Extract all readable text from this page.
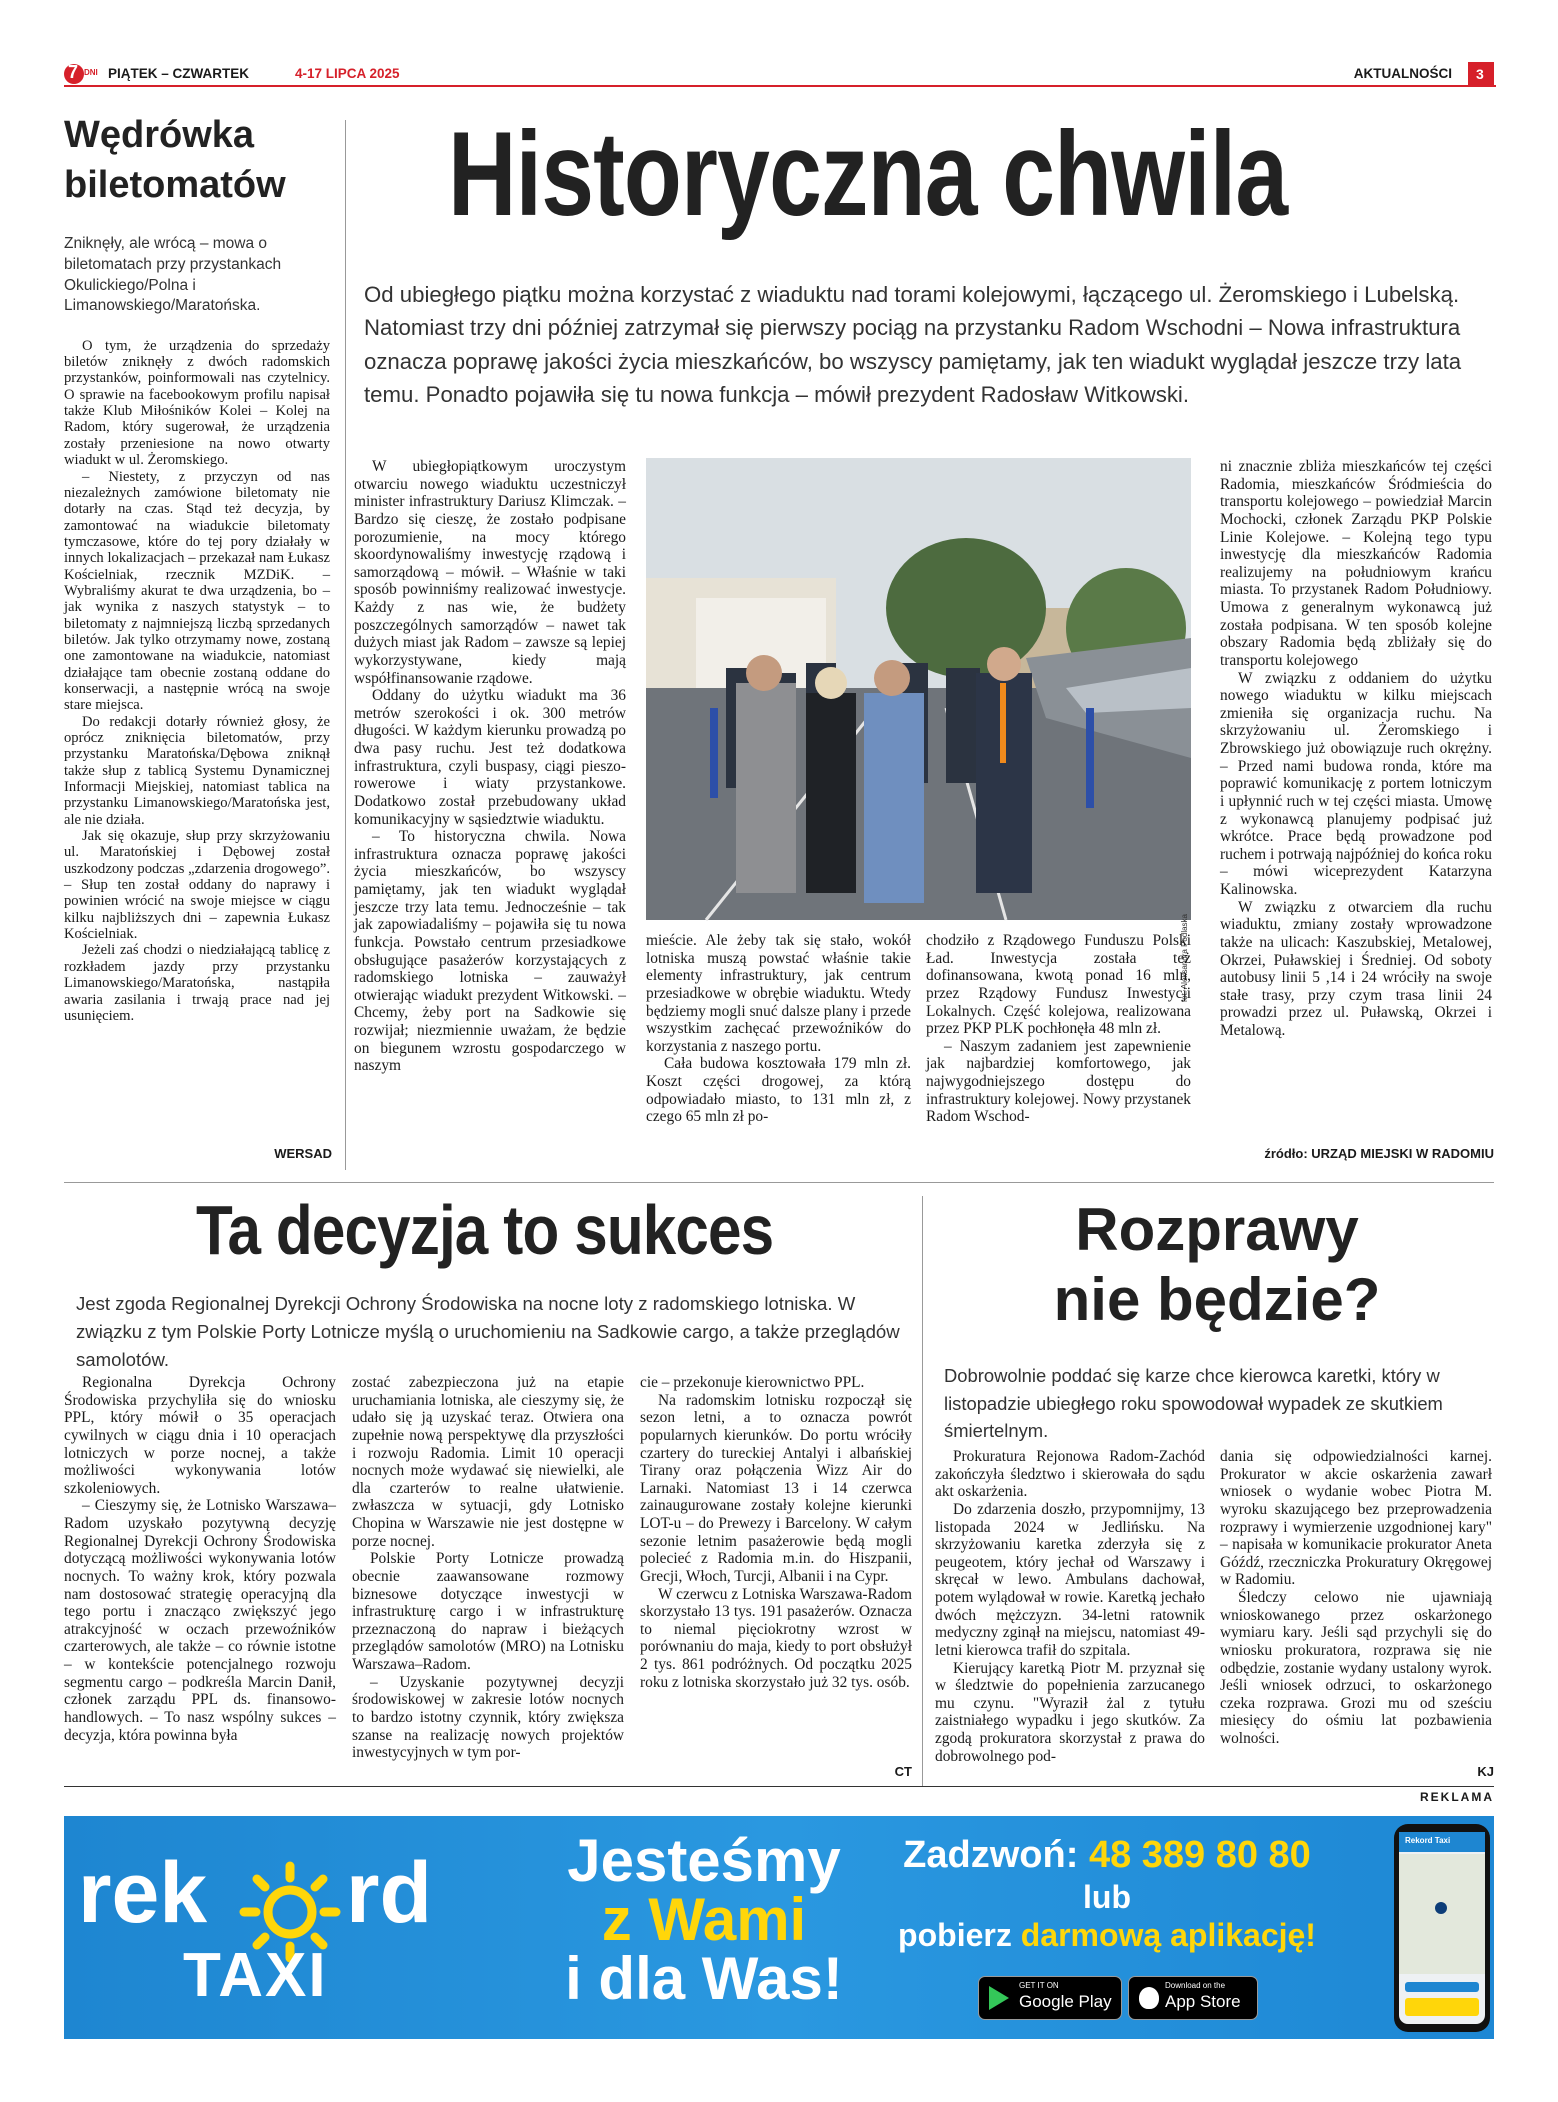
7 DNI PIĄTEK – CZWARTEK	4-17 LIPCA 2025	AKTUALNOŚCI 3
Wędrówka biletomatów
Zniknęły, ale wrócą – mowa o biletomatach przy przystankach Okulickiego/Polna i Limanowskiego/Maratońska.

O tym, że urządzenia do sprzedaży biletów zniknęły z dwóch radomskich przystanków, poinformowali nas czytelnicy. O sprawie na facebookowym profilu napisał także Klub Miłośników Kolei – Kolej na Radom, który sugerował, że urządzenia zostały przeniesione na nowo otwarty wiadukt w ul. Żeromskiego.

– Niestety, z przyczyn od nas niezależnych zamówione biletomaty nie dotarły na czas. Stąd też decyzja, by zamontować na wiadukcie biletomaty tymczasowe, które do tej pory działały w innych lokalizacjach – przekazał nam Łukasz Kościelniak, rzecznik MZDiK. – Wybraliśmy akurat te dwa urządzenia, bo – jak wynika z naszych statystyk – to biletomaty z najmniejszą liczbą sprzedanych biletów. Jak tylko otrzymamy nowe, zostaną one zamontowane na wiadukcie, natomiast działające tam obecnie zostaną oddane do konserwacji, a następnie wrócą na swoje stare miejsca.

Do redakcji dotarły również głosy, że oprócz zniknięcia biletomatów, przy przystanku Maratońska/Dębowa zniknął także słup z tablicą Systemu Dynamicznej Informacji Miejskiej, natomiast tablica na przystanku Limanowskiego/Maratońska jest, ale nie działa.

Jak się okazuje, słup przy skrzyżowaniu ul. Maratońskiej i Dębowej został uszkodzony podczas „zdarzenia drogowego”. – Słup ten został oddany do naprawy i powinien wrócić na swoje miejsce w ciągu kilku najbliższych dni – zapewnia Łukasz Kościelniak.

Jeżeli zaś chodzi o niedziałającą tablicę z rozkładem jazdy przy przystanku Limanowskiego/Maratońska, nastąpiła awaria zasilania i trwają prace nad jej usunięciem.

WERSAD
Historyczna chwila
Od ubiegłego piątku można korzystać z wiaduktu nad torami kolejowymi, łączącego ul. Żeromskiego i Lubelską. Natomiast trzy dni później zatrzymał się pierwszy pociąg na przystanku Radom Wschodni – Nowa infrastruktura oznacza poprawę jakości życia mieszkańców, bo wszyscy pamiętamy, jak ten wiadukt wyglądał jeszcze trzy lata temu. Ponadto pojawiła się tu nowa funkcja – mówił prezydent Radosław Witkowski.

W ubiegłopiątkowym uroczystym otwarciu nowego wiaduktu uczestniczył minister infrastruktury Dariusz Klimczak. – Bardzo się cieszę, że zostało podpisane porozumienie, na mocy którego skoordynowaliśmy inwestycję rządową i samorządową – mówił. – Właśnie w taki sposób powinniśmy realizować inwestycje. Każdy z nas wie, że budżety poszczególnych samorządów – nawet tak dużych miast jak Radom – zawsze są lepiej wykorzystywane, kiedy mają współfinansowanie rządowe.

Oddany do użytku wiadukt ma 36 metrów szerokości i ok. 300 metrów długości. W każdym kierunku prowadzą po dwa pasy ruchu. Jest też dodatkowa infrastruktura, czyli buspasy, ciągi pieszo-rowerowe i wiaty przystankowe. Dodatkowo został przebudowany układ komunikacyjny w sąsiedztwie wiaduktu.

– To historyczna chwila. Nowa infrastruktura oznacza poprawę jakości życia mieszkańców, bo wszyscy pamiętamy, jak ten wiadukt wyglądał jeszcze trzy lata temu. Jednocześnie – tak jak zapowiadaliśmy – pojawiła się tu nowa funkcja. Powstało centrum przesiadkowe obsługujące pasażerów korzystających z radomskiego lotniska – zauważył otwierając wiadukt prezydent Witkowski. – Chcemy, żeby port na Sadkowie się rozwijał; niezmiennie uważam, że będzie on biegunem wzrostu gospodarczego w naszym

fot. Aleksandra Podlaska

mieście. Ale żeby tak się stało, wokół lotniska muszą powstać właśnie takie elementy infrastruktury, jak centrum przesiadkowe w obrębie wiaduktu. Wtedy będziemy mogli snuć dalsze plany i przede wszystkim zachęcać przewoźników do korzystania z naszego portu.

Cała budowa kosztowała 179 mln zł. Koszt części drogowej, za którą odpowiadało miasto, to 131 mln zł, z czego 65 mln zł po-

chodziło z Rządowego Funduszu Polski Ład. Inwestycja została też dofinansowana, kwotą ponad 16 mln, przez Rządowy Fundusz Inwestycji Lokalnych. Część kolejowa, realizowana przez PKP PLK pochłonęła 48 mln zł.

– Naszym zadaniem jest zapewnienie jak najbardziej komfortowego, jak najwygodniejszego dostępu do infrastruktury kolejowej. Nowy przystanek Radom Wschod-

ni znacznie zbliża mieszkańców tej części Radomia, mieszkańców Śródmieścia do transportu kolejowego – powiedział Marcin Mochocki, członek Zarządu PKP Polskie Linie Kolejowe. – Kolejną tego typu inwestycję dla mieszkańców Radomia realizujemy na południowym krańcu miasta. To przystanek Radom Południowy. Umowa z generalnym wykonawcą już została podpisana. W ten sposób kolejne obszary Radomia będą zbliżały się do transportu kolejowego

W związku z oddaniem do użytku nowego wiaduktu w kilku miejscach zmieniła się organizacja ruchu. Na skrzyżowaniu ul. Żeromskiego i Zbrowskiego już obowiązuje ruch okrężny. – Przed nami budowa ronda, które ma poprawić komunikację z portem lotniczym i upłynnić ruch w tej części miasta. Umowę z wykonawcą planujemy podpisać już wkrótce. Prace będą prowadzone pod ruchem i potrwają najpóźniej do końca roku – mówi wiceprezydent Katarzyna Kalinowska.

W związku z otwarciem dla ruchu wiaduktu, zmiany zostały wprowadzone także na ulicach: Kaszubskiej, Metalowej, Okrzei, Puławskiej i Średniej. Od soboty autobusy linii 5 ,14 i 24 wróciły na swoje stałe trasy, przy czym trasa linii 24 prowadzi przez ul. Puławską, Okrzei i Metalową.

źródło: URZĄD MIEJSKI W RADOMIU
Ta decyzja to sukces
Jest zgoda Regionalnej Dyrekcji Ochrony Środowiska na nocne loty z radomskiego lotniska. W związku z tym Polskie Porty Lotnicze myślą o uruchomieniu na Sadkowie cargo, a także przeglądów samolotów.

Regionalna Dyrekcja Ochrony Środowiska przychyliła się do wniosku PPL, który mówił o 35 operacjach cywilnych w ciągu dnia i 10 operacjach lotniczych w porze nocnej, a także możliwości wykonywania lotów szkoleniowych.

– Cieszymy się, że Lotnisko Warszawa–Radom uzyskało pozytywną decyzję Regionalnej Dyrekcji Ochrony Środowiska dotyczącą możliwości wykonywania lotów nocnych. To ważny krok, który pozwala nam dostosować strategię operacyjną dla tego portu i znacząco zwiększyć jego atrakcyjność w oczach przewoźników czarterowych, ale także – co równie istotne – w kontekście potencjalnego rozwoju segmentu cargo – podkreśla Marcin Danił, członek zarządu PPL ds. finansowo-handlowych. – To nasz wspólny sukces – decyzja, która powinna była

zostać zabezpieczona już na etapie uruchamiania lotniska, ale cieszymy się, że udało się ją uzyskać teraz. Otwiera ona zupełnie nową perspektywę dla przyszłości i rozwoju Radomia. Limit 10 operacji nocnych może wydawać się niewielki, ale dla czarterów to realne ułatwienie. zwłaszcza w sytuacji, gdy Lotnisko Chopina w Warszawie nie jest dostępne w porze nocnej.

Polskie Porty Lotnicze prowadzą obecnie zaawansowane rozmowy biznesowe dotyczące inwestycji w infrastrukturę cargo i w infrastrukturę przeznaczoną do napraw i bieżących przeglądów samolotów (MRO) na Lotnisku Warszawa–Radom.

– Uzyskanie pozytywnej decyzji środowiskowej w zakresie lotów nocnych to bardzo istotny czynnik, który zwiększa szanse na realizację nowych projektów inwestycyjnych w tym por-

cie – przekonuje kierownictwo PPL.

Na radomskim lotnisku rozpoczął się sezon letni, a to oznacza powrót popularnych kierunków. Do portu wróciły czartery do tureckiej Antalyi i albańskiej Tirany oraz połączenia Wizz Air do Larnaki. Natomiast 13 i 14 czerwca zainaugurowane zostały kolejne kierunki LOT-u – do Prewezy i Barcelony. W całym sezonie letnim pasażerowie będą mogli polecieć z Radomia m.in. do Hiszpanii, Grecji, Włoch, Turcji, Albanii i na Cypr.

W czerwcu z Lotniska Warszawa-Radom skorzystało 13 tys. 191 pasażerów. Oznacza to niemal pięciokrotny wzrost w porównaniu do maja, kiedy to port obsłużył 2 tys. 861 podróżnych. Od początku 2025 roku z lotniska skorzystało już 32 tys. osób.

CT
Rozprawy
nie będzie?
Dobrowolnie poddać się karze chce kierowca karetki, który w listopadzie ubiegłego roku spowodował wypadek ze skutkiem śmiertelnym.

Prokuratura Rejonowa Radom-Zachód zakończyła śledztwo i skierowała do sądu akt oskarżenia.

Do zdarzenia doszło, przypomnijmy, 13 listopada 2024 w Jedlińsku. Na skrzyżowaniu karetka zderzyła się z peugeotem, który jechał od Warszawy i skręcał w lewo. Ambulans dachował, potem wylądował w rowie. Karetką jechało dwóch mężczyzn. 34-letni ratownik medyczny zginął na miejscu, natomiast 49-letni kierowca trafił do szpitala.

Kierujący karetką Piotr M. przyznał się w śledztwie do popełnienia zarzucanego mu czynu. "Wyraził żal z tytułu zaistniałego wypadku i jego skutków. Za zgodą prokuratora skorzystał z prawa do dobrowolnego pod-

dania się odpowiedzialności karnej. Prokurator w akcie oskarżenia zawarł wniosek o wydanie wobec Piotra M. wyroku skazującego bez przeprowadzenia rozprawy i wymierzenie uzgodnionej kary" – napisała w komunikacie prokurator Aneta Góźdź, rzeczniczka Prokuratury Okręgowej w Radomiu.

Śledczy celowo nie ujawniają wnioskowanego przez oskarżonego wymiaru kary. Jeśli sąd przychyli się do wniosku prokuratora, rozprawa się nie odbędzie, zostanie wydany ustalony wyrok. Jeśli wniosek odrzuci, to oskarżonego czeka rozprawa. Grozi mu od sześciu miesięcy do ośmiu lat pozbawienia wolności.

KJ
REKLAMA
rek rd
TAXI
Jesteśmy
z Wami
i dla Was!
Zadzwoń: 48 389 80 80
lub
pobierz darmową aplikację!
GET IT ON
Google Play
Download on the
App Store
Rekord Taxi
